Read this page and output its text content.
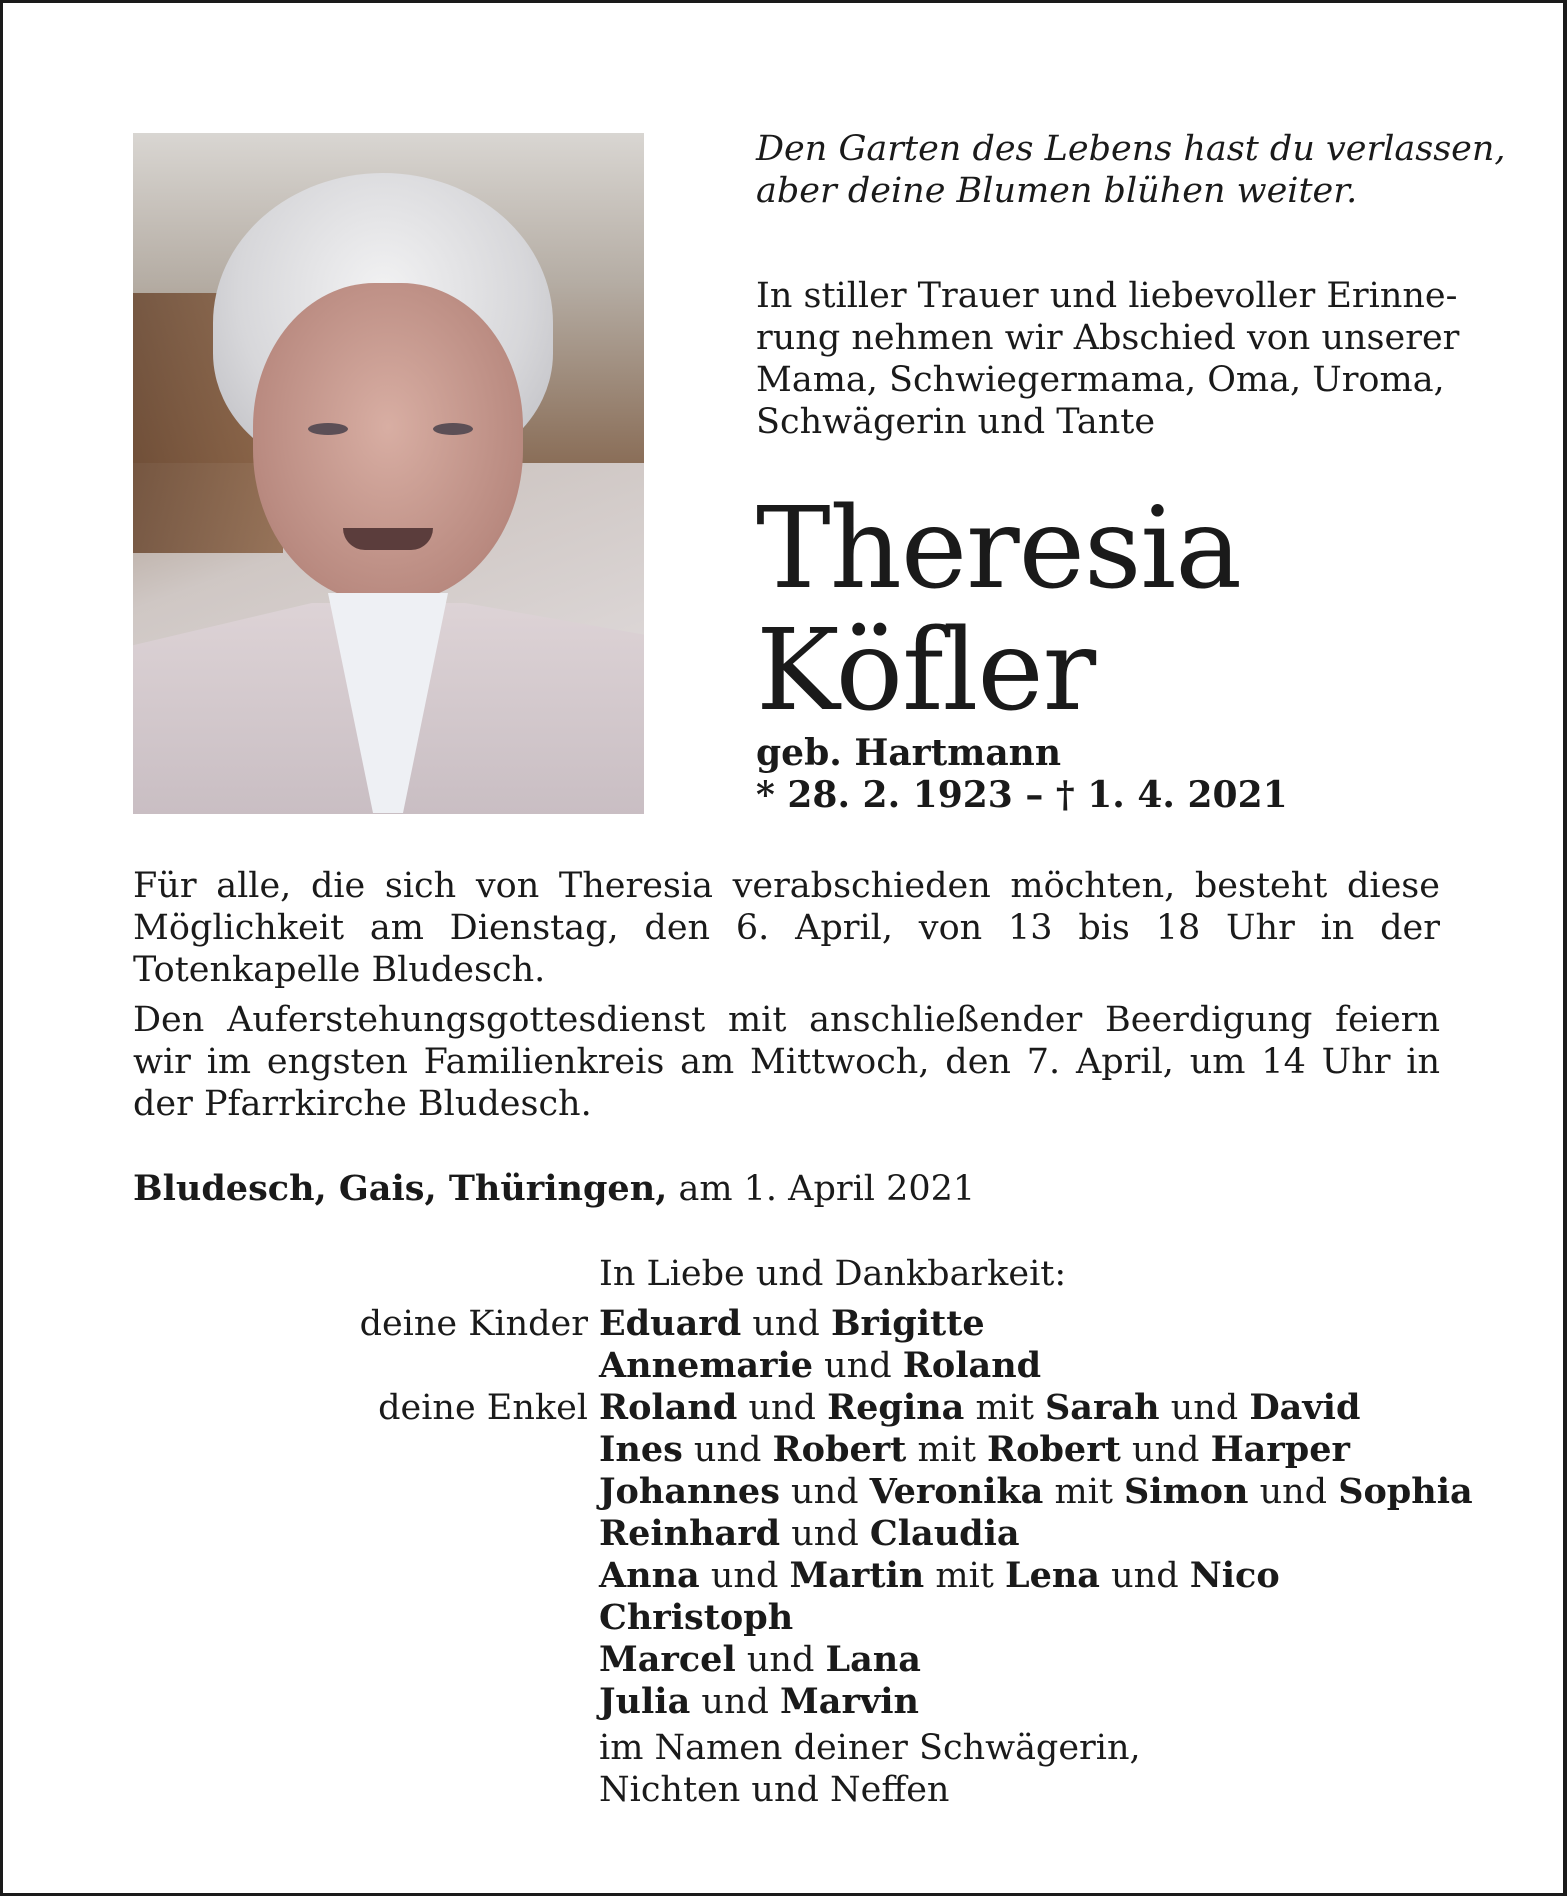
Den Garten des Lebens hast du verlassen,
aber deine Blumen blühen weiter.
In stiller Trauer und liebevoller Erinne-
rung nehmen wir Abschied von unserer
Mama, Schwiegermama, Oma, Uroma,
Schwägerin und Tante
Theresia
Köfler
geb. Hartmann
* 28. 2. 1923 – † 1. 4. 2021
Für alle, die sich von Theresia verabschieden möchten, besteht diese Möglichkeit am Dienstag, den 6. April, von 13 bis 18 Uhr in der Totenkapelle Bludesch.
Den Auferstehungsgottesdienst mit anschließender Beerdigung feiern wir im engsten Familienkreis am Mittwoch, den 7. April, um 14 Uhr in der Pfarrkirche Bludesch.
Bludesch, Gais, Thüringen, am 1. April 2021
In Liebe und Dankbarkeit:
deine Kinder Eduard und Brigitte
Annemarie und Roland
deine Enkel Roland und Regina mit Sarah und David
Ines und Robert mit Robert und Harper
Johannes und Veronika mit Simon und Sophia
Reinhard und Claudia
Anna und Martin mit Lena und Nico
Christoph
Marcel und Lana
Julia und Marvin
im Namen deiner Schwägerin,
Nichten und Neffen
